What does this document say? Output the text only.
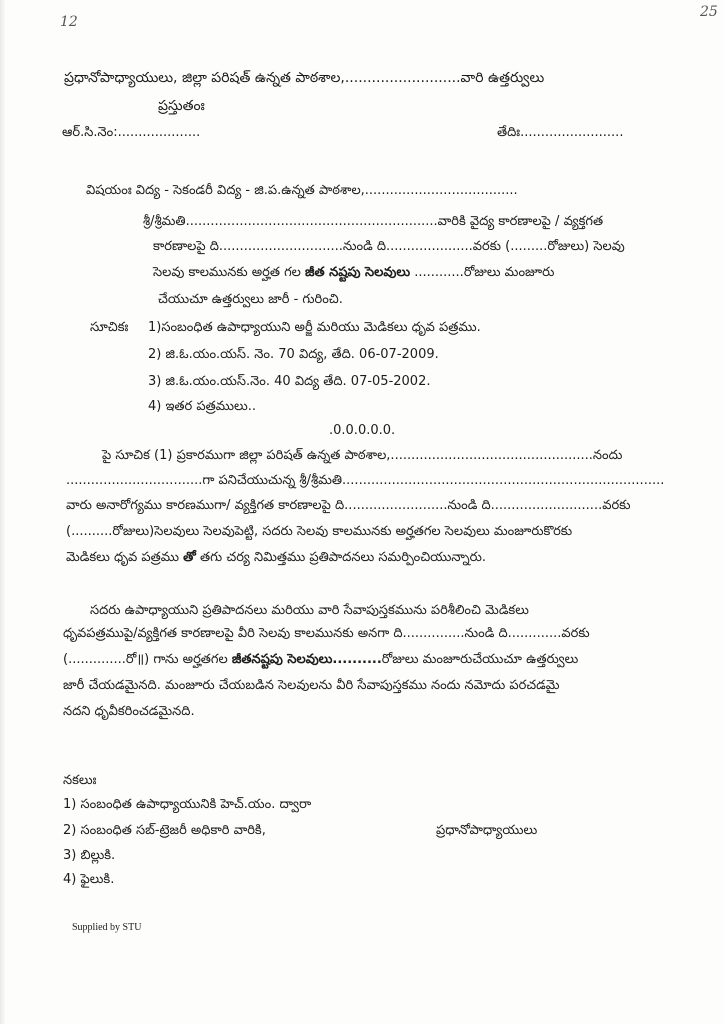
12
25
ప్రధానోపాధ్యాయులు, జిల్లా పరిషత్ ఉన్నత పాఠశాల,..........................వారి ఉత్తర్వులు
ప్రస్తుతంః
ఆర్.సి.నెం:....................	తేదిః.........................
విషయంః విద్య - సెకండరీ విద్య - జి.ప.ఉన్నత పాఠశాల,.....................................
శ్రీ/శ్రీమతి.............................................................వారికి వైద్య కారణాలపై / వ్యక్తగత
కారణాలపై ది..............................నుండి ది.....................వరకు (.........రోజులు) సెలవు
సెలవు కాలమునకు అర్హత గల జీత నష్టపు సెలవులు ............రోజులు మంజూరు
చేయుచూ ఉత్తర్వులు జారీ - గురించి.
సూచికః 1)సంబంధిత ఉపాధ్యాయుని అర్జీ మరియు మెడికలు ధృవ పత్రము.
2) జి.ఓ.యం.యస్. నెం. 70 విద్య, తేది. 06-07-2009.
3) జి.ఓ.యం.యస్.నెం. 40 విద్య తేది. 07-05-2002.
4) ఇతర పత్రములు..
.0.0.0.0.0.
పై సూచిక (1) ప్రకారముగా జిల్లా పరిషత్ ఉన్నత పాఠశాల,.................................................నందు
.................................గా పనిచేయుచున్న శ్రీ/శ్రీమతి..............................................................................
వారు అనారోగ్యము కారణముగా/ వ్యక్తిగత కారణాలపై ది.........................నుండి ది...........................వరకు
(..........రోజులు)సెలవులు సెలవుపెట్టి, సదరు సెలవు కాలమునకు అర్హతగల సెలవులు మంజూరుకొరకు
మెడికలు ధృవ పత్రము తో తగు చర్య నిమిత్తము ప్రతిపాదనలు సమర్పించియున్నారు.
సదరు ఉపాధ్యాయుని ప్రతిపాదనలు మరియు వారి సేవాపుస్తకమును పరిశీలించి మెడికలు
ధృవపత్రముపై/వ్యక్తిగత కారణాలపై వీరి సెలవు కాలమునకు అనగా ది...............నుండి ది.............వరకు
(..............రో॥) గాను అర్హతగల జీతనష్టపు సెలవులు..........రోజులు మంజూరుచేయుచూ ఉత్తర్వులు
జారీ చేయడమైనది. మంజూరు చేయబడిన సెలవులను వీరి సేవాపుస్తకము నందు నమోదు పరచడమై
నదని ధృవీకరించడమైనది.
నకలుః
1) సంబంధిత ఉపాధ్యాయునికి హెచ్.యం. ద్వారా
2) సంబంధిత సబ్-ట్రెజరీ అధికారి వారికి,
3) బిల్లుకి.
4) ఫైలుకి.
ప్రధానోపాధ్యాయులు
Supplied by STU
